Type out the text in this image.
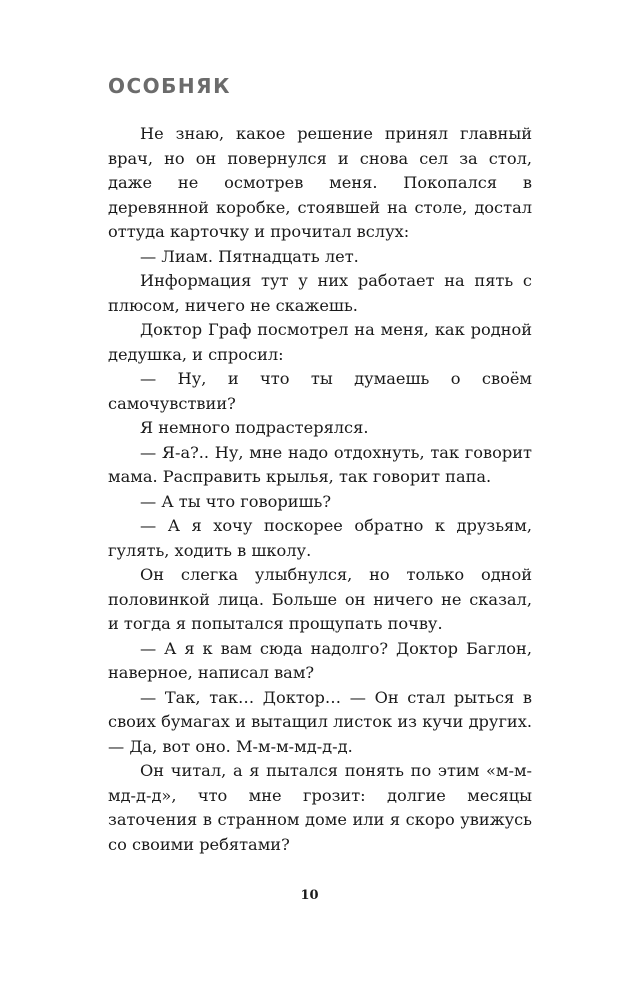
ОСОБНЯК

Не знаю, какое решение принял главный врач, но он повернулся и снова сел за стол, даже не осмотрев меня. Покопался в деревянной коробке, стоявшей на столе, достал оттуда карточку и прочитал вслух:

— Лиам. Пятнадцать лет.

Информация тут у них работает на пять с плюсом, ничего не скажешь.

Доктор Граф посмотрел на меня, как родной дедушка, и спросил:

— Ну, и что ты думаешь о своём самочувствии?

Я немного подрастерялся.

— Я-а?.. Ну, мне надо отдохнуть, так говорит мама. Расправить крылья, так говорит папа.

— А ты что говоришь?

— А я хочу поскорее обратно к друзьям, гулять, ходить в школу.

Он слегка улыбнулся, но только одной половинкой лица. Больше он ничего не сказал, и тогда я попытался прощупать почву.

— А я к вам сюда надолго? Доктор Баглон, наверное, написал вам?

— Так, так… Доктор… — Он стал рыться в своих бумагах и вытащил листок из кучи других. — Да, вот оно. М-м-м-мд-д-д.

Он читал, а я пытался понять по этим «м-м-мд-д-д», что мне грозит: долгие месяцы заточения в странном доме или я скоро увижусь со своими ребятами?

10
